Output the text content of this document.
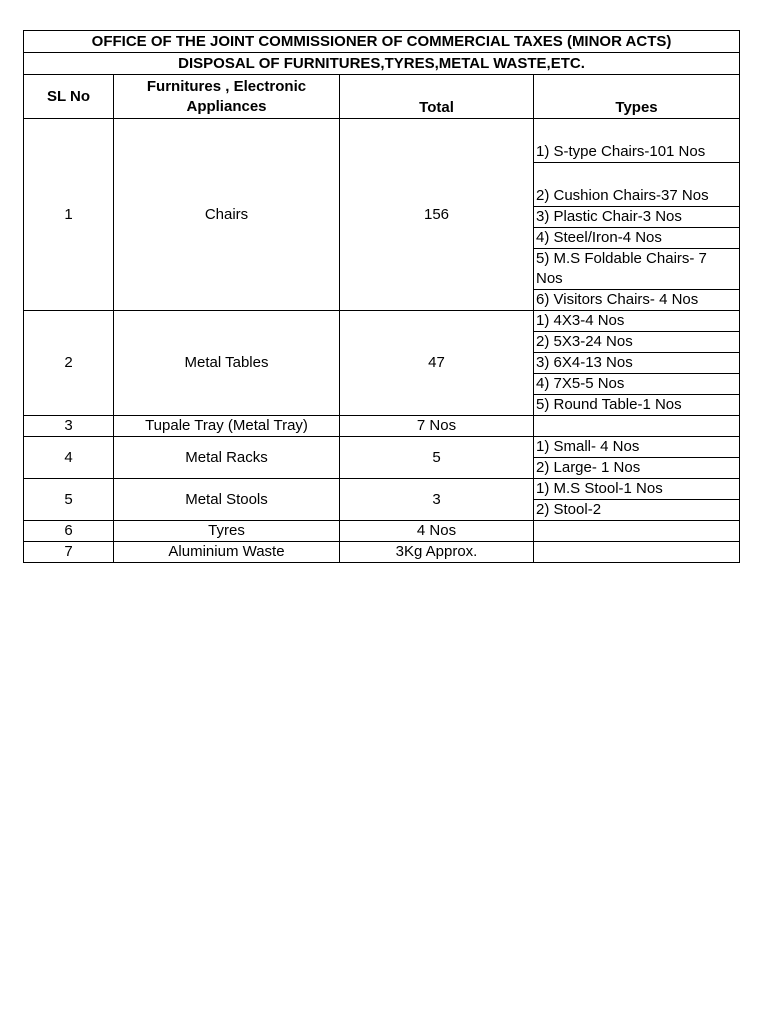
OFFICE OF THE JOINT COMMISSIONER OF COMMERCIAL TAXES (MINOR ACTS)			
DISPOSAL OF FURNITURES,TYRES,METAL WASTE,ETC.			
SL No	Furnitures , Electronic Appliances	Total	Types
1	Chairs	156	1) S-type Chairs-101 Nos
			2) Cushion Chairs-37 Nos
			3) Plastic Chair-3 Nos
			4) Steel/Iron-4 Nos
			5) M.S Foldable Chairs- 7 Nos
			6) Visitors Chairs- 4 Nos
2	Metal Tables	47	1) 4X3-4 Nos
			2) 5X3-24 Nos
			3) 6X4-13 Nos
			4) 7X5-5 Nos
			5) Round Table-1 Nos
3	Tupale Tray (Metal Tray)	7 Nos	
4	Metal Racks	5	1) Small- 4 Nos
			2) Large- 1 Nos
5	Metal Stools	3	1) M.S Stool-1 Nos
			2) Stool-2
6	Tyres	4 Nos	
7	Aluminium Waste	3Kg Approx.	
